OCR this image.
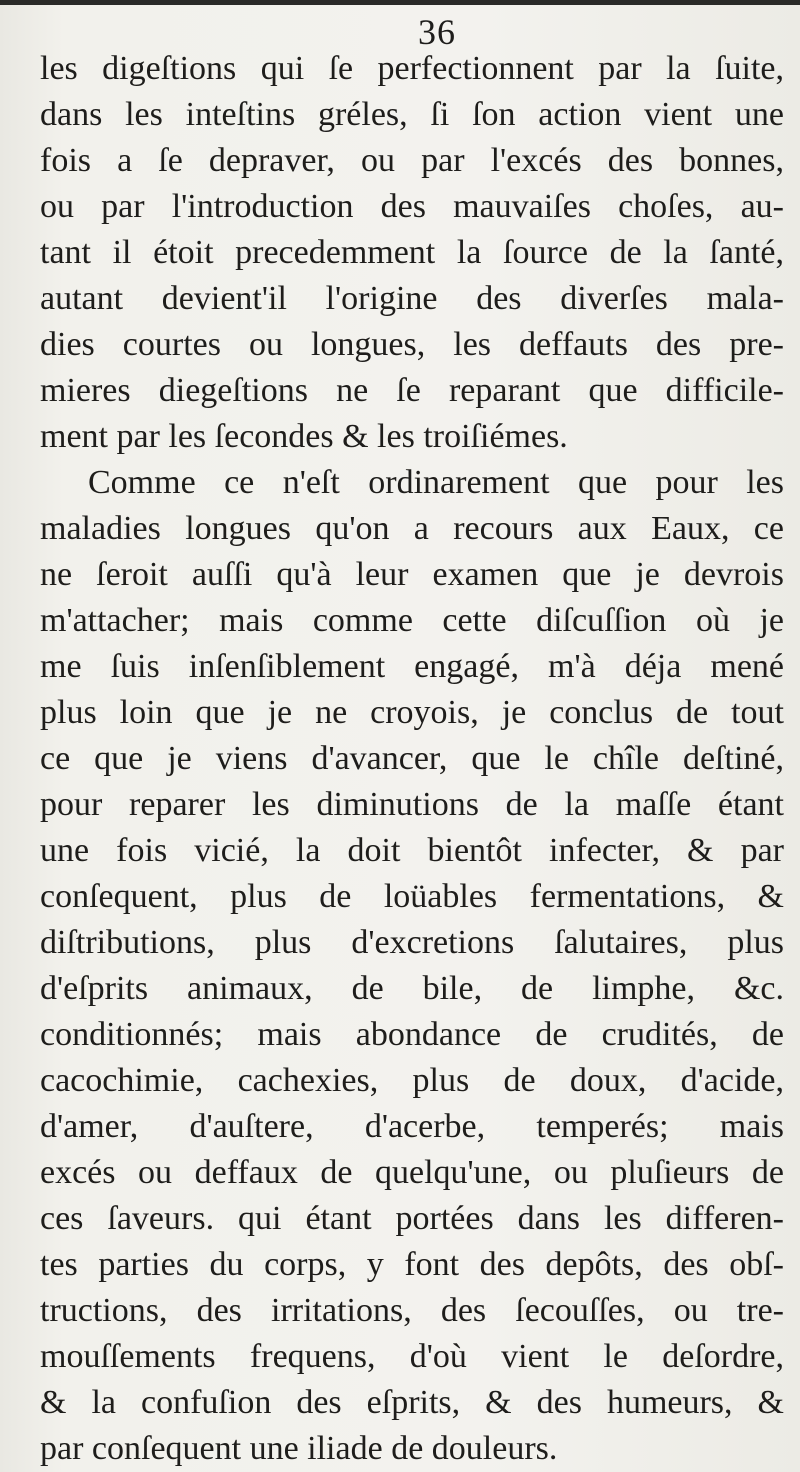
36
les digeſtions qui ſe perfectionnent par la ſuite,
dans les inteſtins gréles, ſi ſon action vient une
fois a ſe depraver, ou par l'excés des bonnes,
ou par l'introduction des mauvaiſes choſes, au-
tant il étoit precedemment la ſource de la ſanté,
autant devient'il l'origine des diverſes mala-
dies courtes ou longues, les deffauts des pre-
mieres diegeſtions ne ſe reparant que difficile-
ment par les ſecondes & les troiſiémes.
Comme ce n'eſt ordinarement que pour les
maladies longues qu'on a recours aux Eaux, ce
ne ſeroit auſſi qu'à leur examen que je devrois
m'attacher; mais comme cette diſcuſſion où je
me ſuis inſenſiblement engagé, m'à déja mené
plus loin que je ne croyois, je conclus de tout
ce que je viens d'avancer, que le chîle deſtiné,
pour reparer les diminutions de la maſſe étant
une fois vicié, la doit bientôt infecter, & par
conſequent, plus de loüables fermentations, &
diſtributions, plus d'excretions ſalutaires, plus
d'eſprits animaux, de bile, de limphe, &c.
conditionnés; mais abondance de crudités, de
cacochimie, cachexies, plus de doux, d'acide,
d'amer, d'auſtere, d'acerbe, temperés; mais
excés ou deffaux de quelqu'une, ou pluſieurs de
ces ſaveurs. qui étant portées dans les differen-
tes parties du corps, y font des depôts, des obſ-
tructions, des irritations, des ſecouſſes, ou tre-
mouſſements frequens, d'où vient le deſordre,
& la confuſion des eſprits, & des humeurs, &
par conſequent une iliade de douleurs.
